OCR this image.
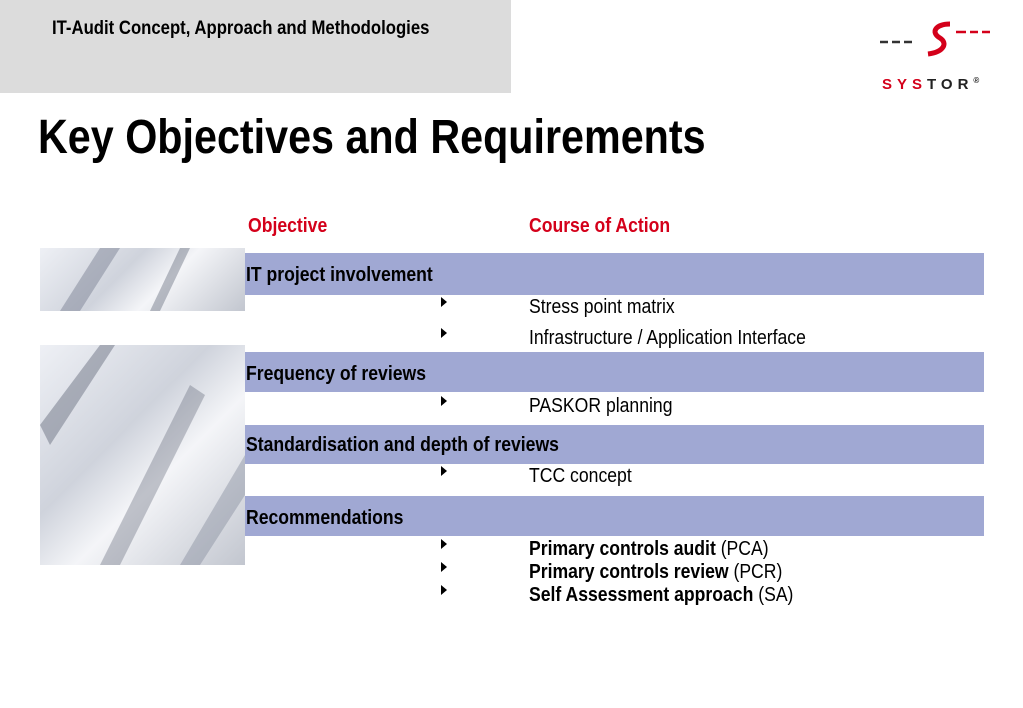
IT-Audit Concept, Approach and Methodologies
SYSTOR®
Key Objectives and Requirements
Objective	Course of Action
IT project involvement
Frequency of reviews
Standardisation and depth of reviews
Recommendations
Stress point matrix
Infrastructure / Application Interface
PASKOR planning
TCC concept
Primary controls audit (PCA)
Primary controls review (PCR)
Self Assessment approach (SA)
